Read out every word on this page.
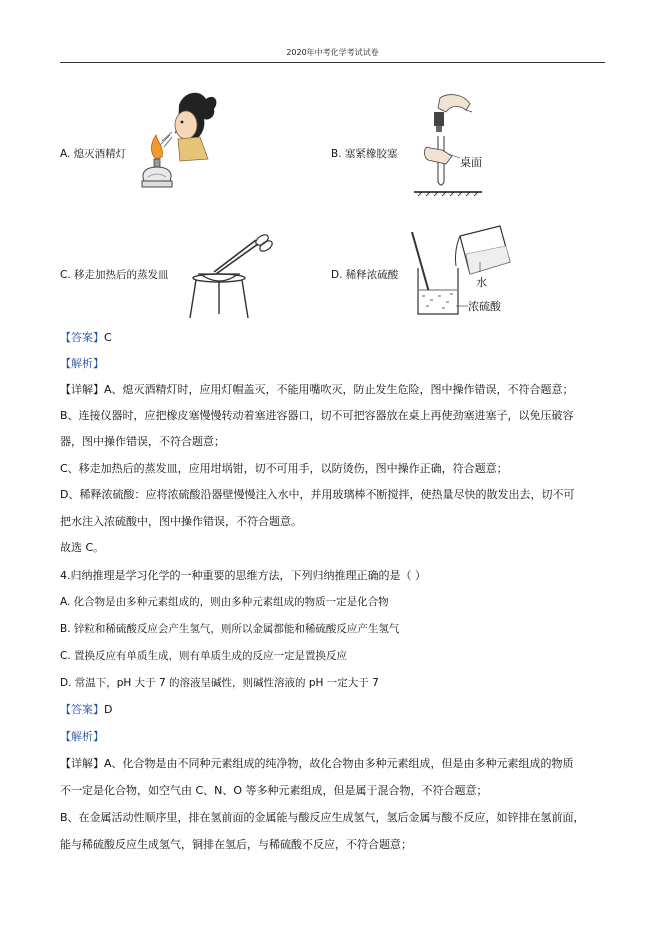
2020年中考化学考试试卷
A. 熄灭酒精灯	B. 塞紧橡胶塞
桌面
C. 移走加热后的蒸发皿	D. 稀释浓硫酸
水
浓硫酸
【答案】C
【解析】
【详解】A、熄灭酒精灯时，应用灯帽盖灭，不能用嘴吹灭，防止发生危险，图中操作错误，不符合题意；
B、连接仪器时，应把橡皮塞慢慢转动着塞进容器口，切不可把容器放在桌上再使劲塞进塞子，以免压破容
器，图中操作错误，不符合题意；
C、移走加热后的蒸发皿，应用坩埚钳，切不可用手，以防烫伤，图中操作正确，符合题意；
D、稀释浓硫酸：应将浓硫酸沿器壁慢慢注入水中，并用玻璃棒不断搅拌，使热量尽快的散发出去，切不可
把水注入浓硫酸中，图中操作错误，不符合题意。
故选 C。
4.归纳推理是学习化学的一种重要的思维方法，下列归纳推理正确的是（ ）
A. 化合物是由多种元素组成的，则由多种元素组成的物质一定是化合物
B. 锌粒和稀硫酸反应会产生氢气，则所以金属都能和稀硫酸反应产生氢气
C. 置换反应有单质生成，则有单质生成的反应一定是置换反应
D. 常温下，pH 大于 7 的溶液呈碱性，则碱性溶液的 pH 一定大于 7
【答案】D
【解析】
【详解】A、化合物是由不同种元素组成的纯净物，故化合物由多种元素组成，但是由多种元素组成的物质
不一定是化合物，如空气由 C、N、O 等多种元素组成，但是属于混合物，不符合题意；
B、在金属活动性顺序里，排在氢前面的金属能与酸反应生成氢气，氢后金属与酸不反应，如锌排在氢前面，
能与稀硫酸反应生成氢气，铜排在氢后，与稀硫酸不反应，不符合题意；
